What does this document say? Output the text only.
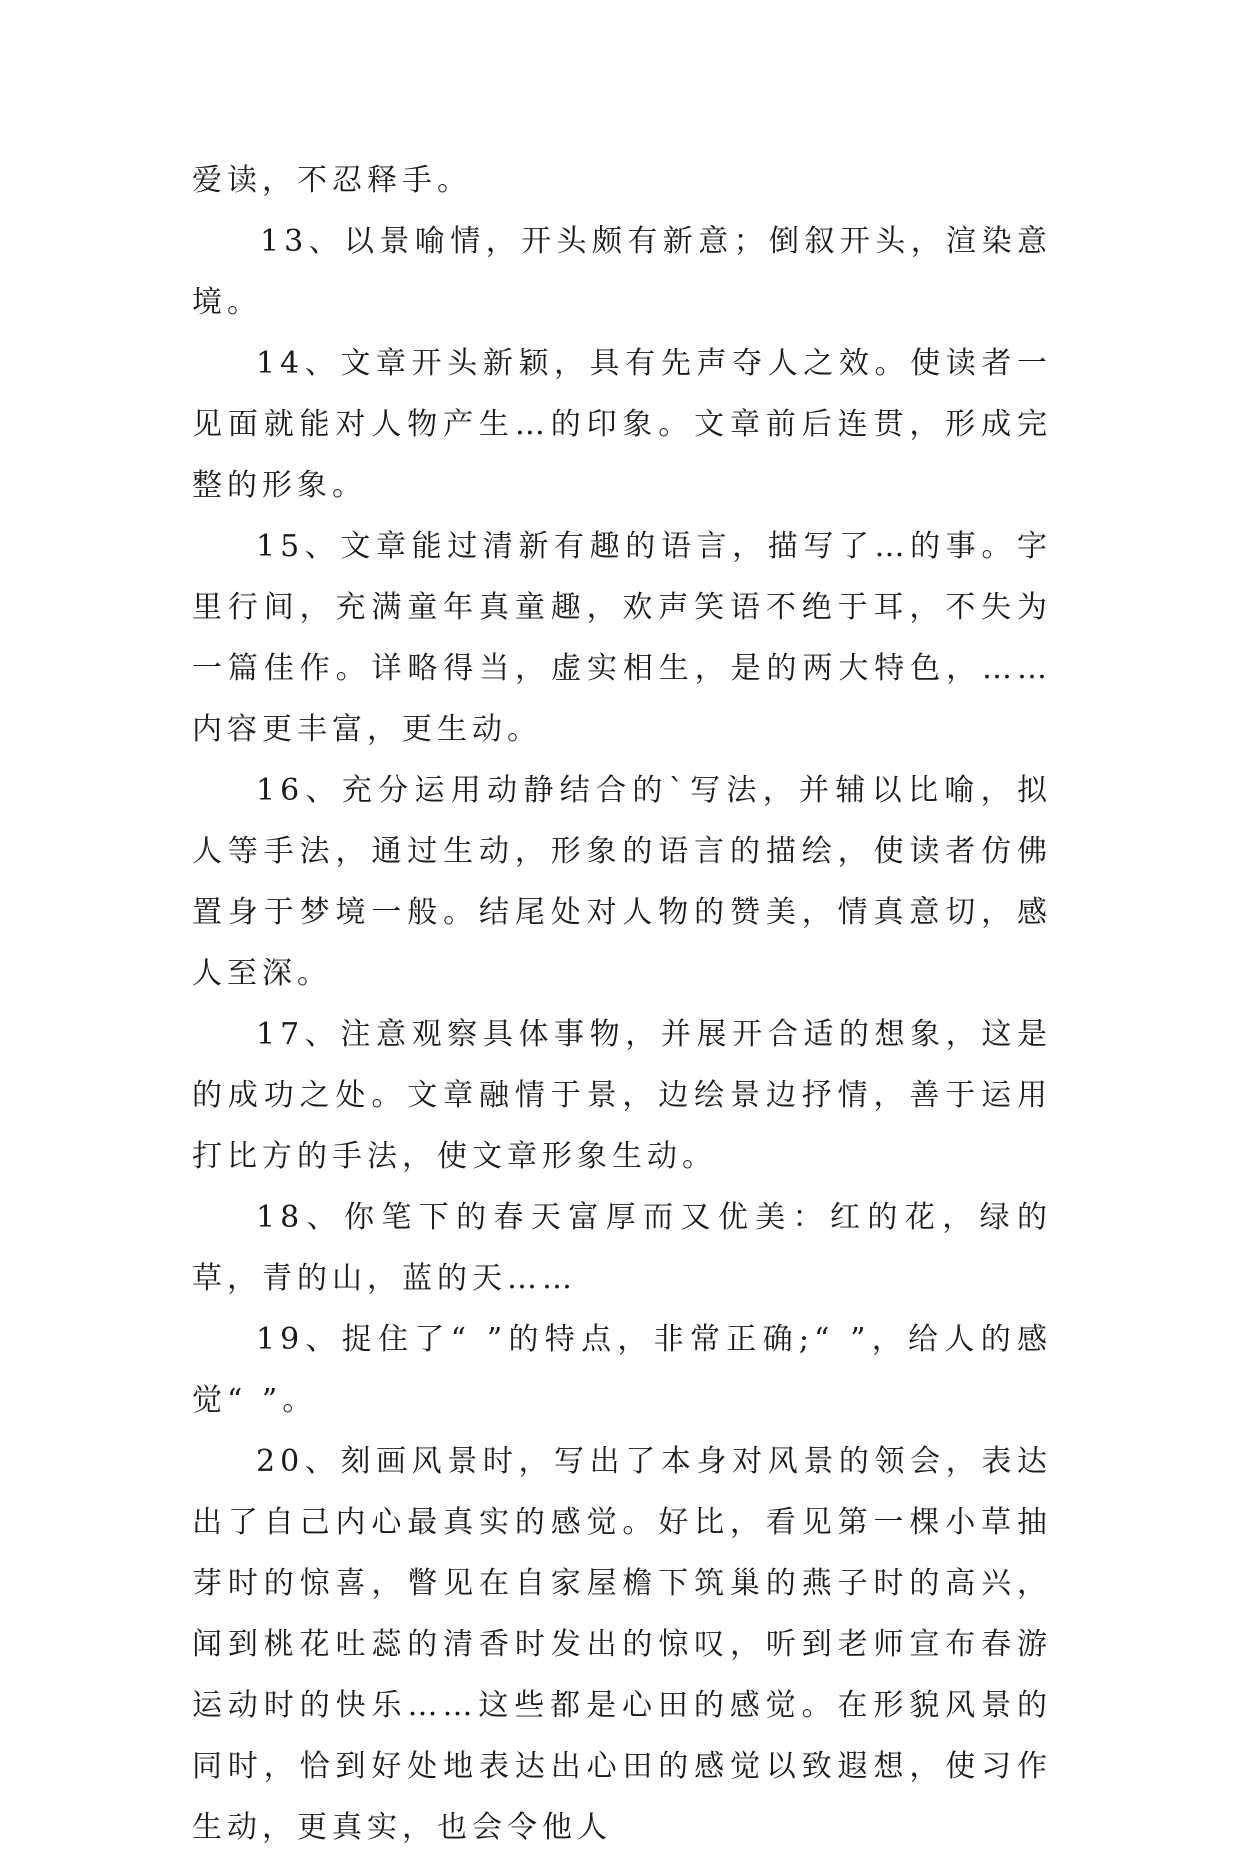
爱读，不忍释手。

13、以景喻情，开头颇有新意；倒叙开头，渲染意境。

14、文章开头新颖，具有先声夺人之效。使读者一见面就能对人物产生…的印象。文章前后连贯，形成完整的形象。

15、文章能过清新有趣的语言，描写了…的事。字里行间，充满童年真童趣，欢声笑语不绝于耳，不失为一篇佳作。详略得当，虚实相生，是的两大特色，……内容更丰富，更生动。

16、充分运用动静结合的`写法，并辅以比喻，拟人等手法，通过生动，形象的语言的描绘，使读者仿佛置身于梦境一般。结尾处对人物的赞美，情真意切，感人至深。

17、注意观察具体事物，并展开合适的想象，这是的成功之处。文章融情于景，边绘景边抒情，善于运用打比方的手法，使文章形象生动。

18、你笔下的春天富厚而又优美：红的花，绿的草，青的山，蓝的天……

19、捉住了“ ”的特点，非常正确;“ ”，给人的感觉“ ”。

20、刻画风景时，写出了本身对风景的领会，表达出了自己内心最真实的感觉。好比，看见第一棵小草抽芽时的惊喜，瞥见在自家屋檐下筑巢的燕子时的高兴，闻到桃花吐蕊的清香时发出的惊叹，听到老师宣布春游运动时的快乐……这些都是心田的感觉。在形貌风景的同时，恰到好处地表达出心田的感觉以致遐想，使习作生动，更真实，也会令他人
